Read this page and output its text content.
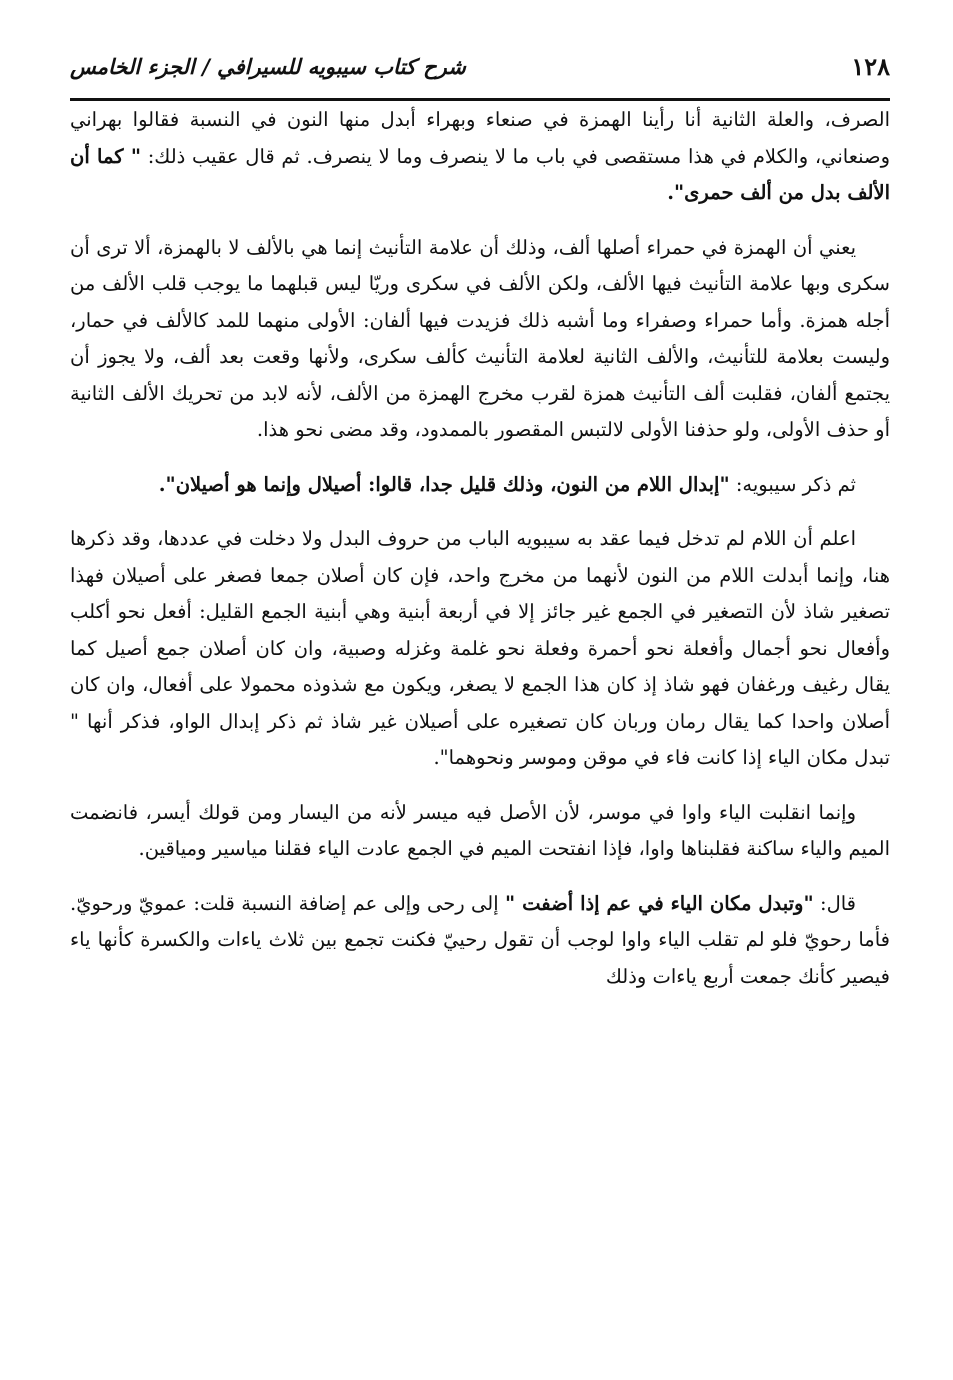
١٢٨
شرح كتاب سيبويه للسيرافي / الجزء الخامس

الصرف، والعلة الثانية أنا رأينا الهمزة في صنعاء وبهراء أبدل منها النون في النسبة فقالوا بهراني وصنعاني، والكلام في هذا مستقصى في باب ما لا ينصرف وما لا ينصرف. ثم قال عقيب ذلك: " كما أن الألف بدل من ألف حمرى".

يعني أن الهمزة في حمراء أصلها ألف، وذلك أن علامة التأنيث إنما هي بالألف لا بالهمزة، ألا ترى أن سكرى وبها علامة التأنيث فيها الألف، ولكن الألف في سكرى وريّا ليس قبلهما ما يوجب قلب الألف من أجله همزة. وأما حمراء وصفراء وما أشبه ذلك فزيدت فيها ألفان: الأولى منهما للمد كالألف في حمار، وليست بعلامة للتأنيث، والألف الثانية لعلامة التأنيث كألف سكرى، ولأنها وقعت بعد ألف، ولا يجوز أن يجتمع ألفان، فقلبت ألف التأنيث همزة لقرب مخرج الهمزة من الألف، لأنه لابد من تحريك الألف الثانية أو حذف الأولى، ولو حذفنا الأولى لالتبس المقصور بالممدود، وقد مضى نحو هذا.

ثم ذكر سيبويه: "إبدال اللام من النون، وذلك قليل جدا، قالوا: أصيلال وإنما هو أصيلان".

اعلم أن اللام لم تدخل فيما عقد به سيبويه الباب من حروف البدل ولا دخلت في عددها، وقد ذكرها هنا، وإنما أبدلت اللام من النون لأنهما من مخرج واحد، فإن كان أصلان جمعا فصغر على أصيلان فهذا تصغير شاذ لأن التصغير في الجمع غير جائز إلا في أربعة أبنية وهي أبنية الجمع القليل: أفعل نحو أكلب وأفعال نحو أجمال وأفعلة نحو أحمرة وفعلة نحو غلمة وغزله وصبية، وان كان أصلان جمع أصيل كما يقال رغيف ورغفان فهو شاذ إذ كان هذا الجمع لا يصغر، ويكون مع شذوذه محمولا على أفعال، وان كان أصلان واحدا كما يقال رمان وربان كان تصغيره على أصيلان غير شاذ ثم ذكر إبدال الواو، فذكر أنها " تبدل مكان الياء إذا كانت فاء في موقن وموسر ونحوهما".

وإنما انقلبت الياء واوا في موسر، لأن الأصل فيه ميسر لأنه من اليسار ومن قولك أيسر، فانضمت الميم والياء ساكنة فقلبناها واوا، فإذا انفتحت الميم في الجمع عادت الياء فقلنا مياسير ومياقين.

قال: "وتبدل مكان الياء في عم إذا أضفت " إلى رحى وإلى عم إضافة النسبة قلت: عمويّ ورحويّ. فأما رحويّ فلو لم تقلب الياء واوا لوجب أن تقول رحييّ فكنت تجمع بين ثلاث ياءات والكسرة كأنها ياء فيصير كأنك جمعت أربع ياءات وذلك
